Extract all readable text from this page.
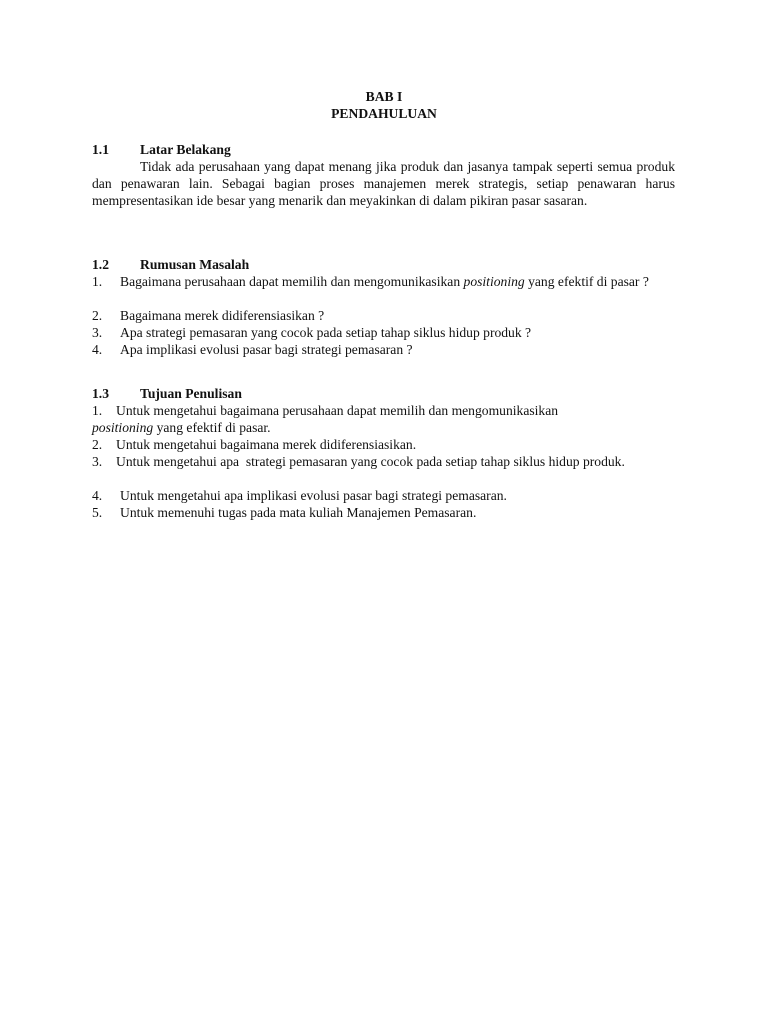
BAB I
PENDAHULUAN
1.1 Latar Belakang
Tidak ada perusahaan yang dapat menang jika produk dan jasanya tampak seperti semua produk dan penawaran lain. Sebagai bagian proses manajemen merek strategis, setiap penawaran harus mempresentasikan ide besar yang menarik dan meyakinkan di dalam pikiran pasar sasaran.
1.2 Rumusan Masalah
1. Bagaimana perusahaan dapat memilih dan mengomunikasikan positioning yang efektif di pasar ?
2. Bagaimana merek didiferensiasikan ?
3. Apa strategi pemasaran yang cocok pada setiap tahap siklus hidup produk ?
4. Apa implikasi evolusi pasar bagi strategi pemasaran ?
1.3 Tujuan Penulisan
1. Untuk mengetahui bagaimana perusahaan dapat memilih dan mengomunikasikan
positioning yang efektif di pasar.
2. Untuk mengetahui bagaimana merek didiferensiasikan.
3. Untuk mengetahui apa  strategi pemasaran yang cocok pada setiap tahap siklus hidup produk.
4. Untuk mengetahui apa implikasi evolusi pasar bagi strategi pemasaran.
5. Untuk memenuhi tugas pada mata kuliah Manajemen Pemasaran.
